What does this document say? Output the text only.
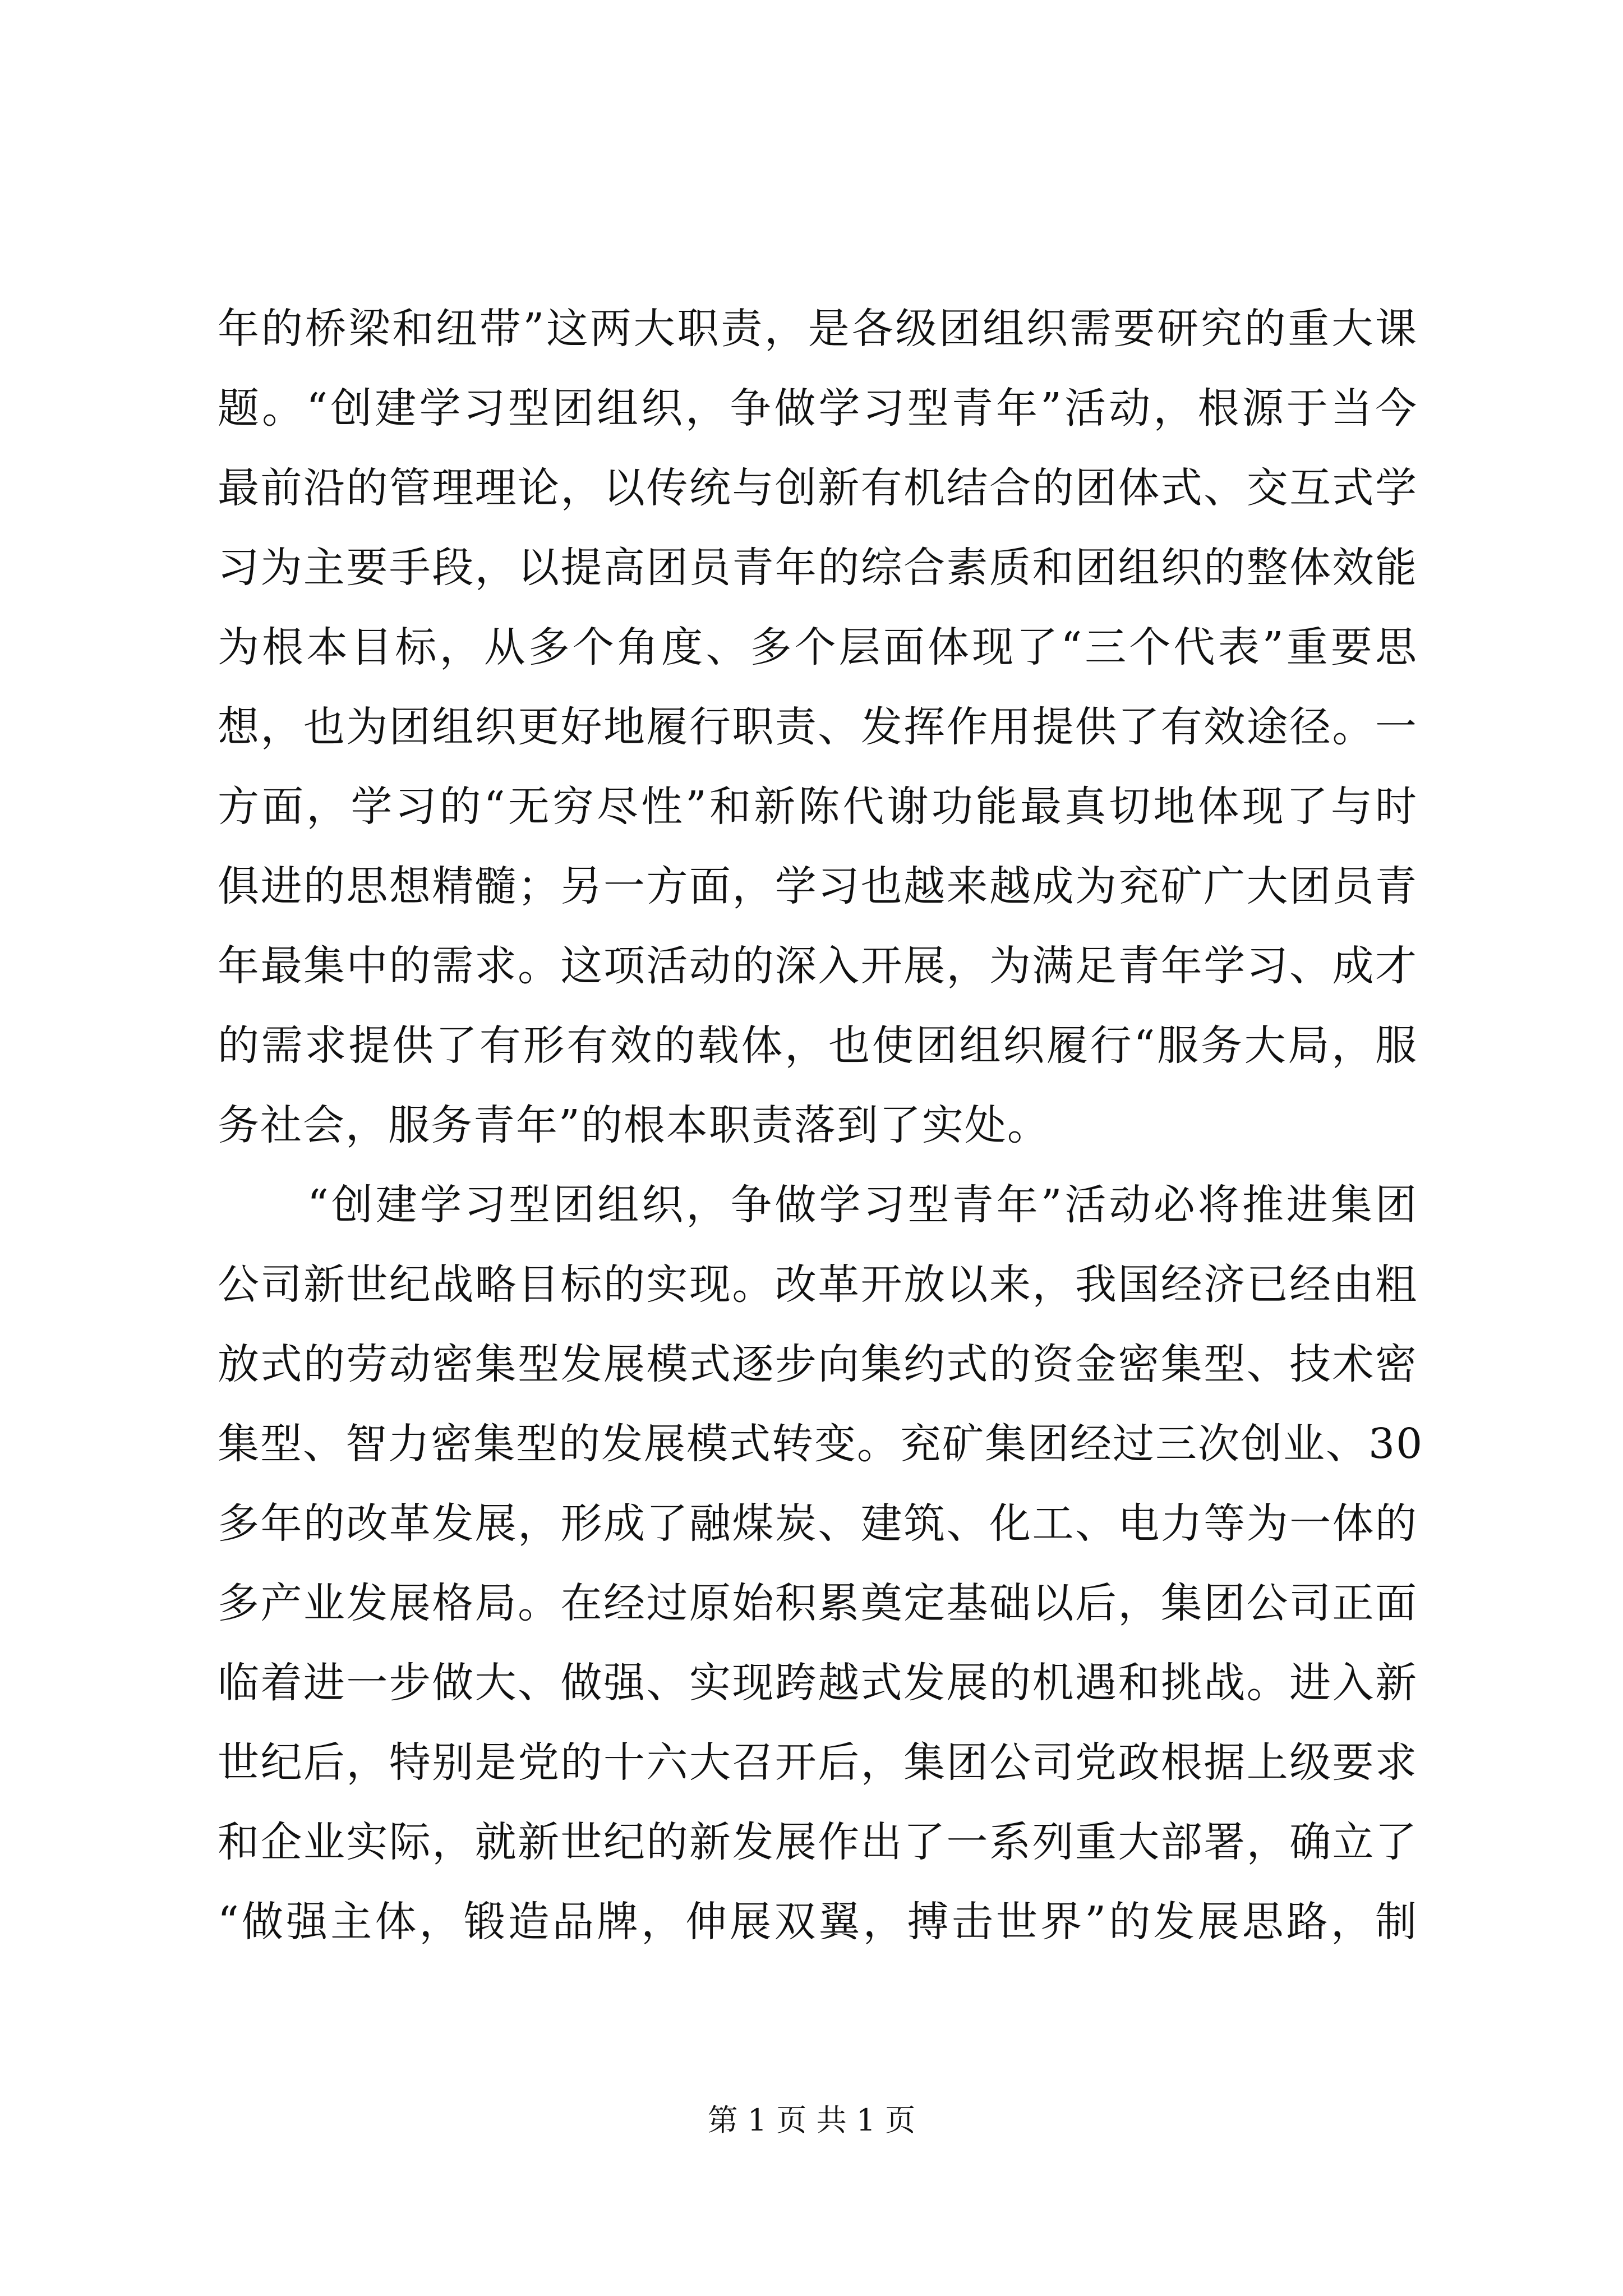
年的桥梁和纽带”这两大职责，是各级团组织需要研究的重大课
题。“创建学习型团组织，争做学习型青年”活动，根源于当今
最前沿的管理理论，以传统与创新有机结合的团体式、交互式学
习为主要手段，以提高团员青年的综合素质和团组织的整体效能
为根本目标，从多个角度、多个层面体现了“三个代表”重要思
想，也为团组织更好地履行职责、发挥作用提供了有效途径。一
方面，学习的“无穷尽性”和新陈代谢功能最真切地体现了与时
俱进的思想精髓；另一方面，学习也越来越成为兖矿广大团员青
年最集中的需求。这项活动的深入开展，为满足青年学习、成才
的需求提供了有形有效的载体，也使团组织履行“服务大局，服
务社会，服务青年”的根本职责落到了实处。
“创建学习型团组织，争做学习型青年”活动必将推进集团
公司新世纪战略目标的实现。改革开放以来，我国经济已经由粗
放式的劳动密集型发展模式逐步向集约式的资金密集型、技术密
集型、智力密集型的发展模式转变。兖矿集团经过三次创业、30
多年的改革发展，形成了融煤炭、建筑、化工、电力等为一体的
多产业发展格局。在经过原始积累奠定基础以后，集团公司正面
临着进一步做大、做强、实现跨越式发展的机遇和挑战。进入新
世纪后，特别是党的十六大召开后，集团公司党政根据上级要求
和企业实际，就新世纪的新发展作出了一系列重大部署，确立了
“做强主体，锻造品牌，伸展双翼，搏击世界”的发展思路，制
第 1 页 共 1 页
